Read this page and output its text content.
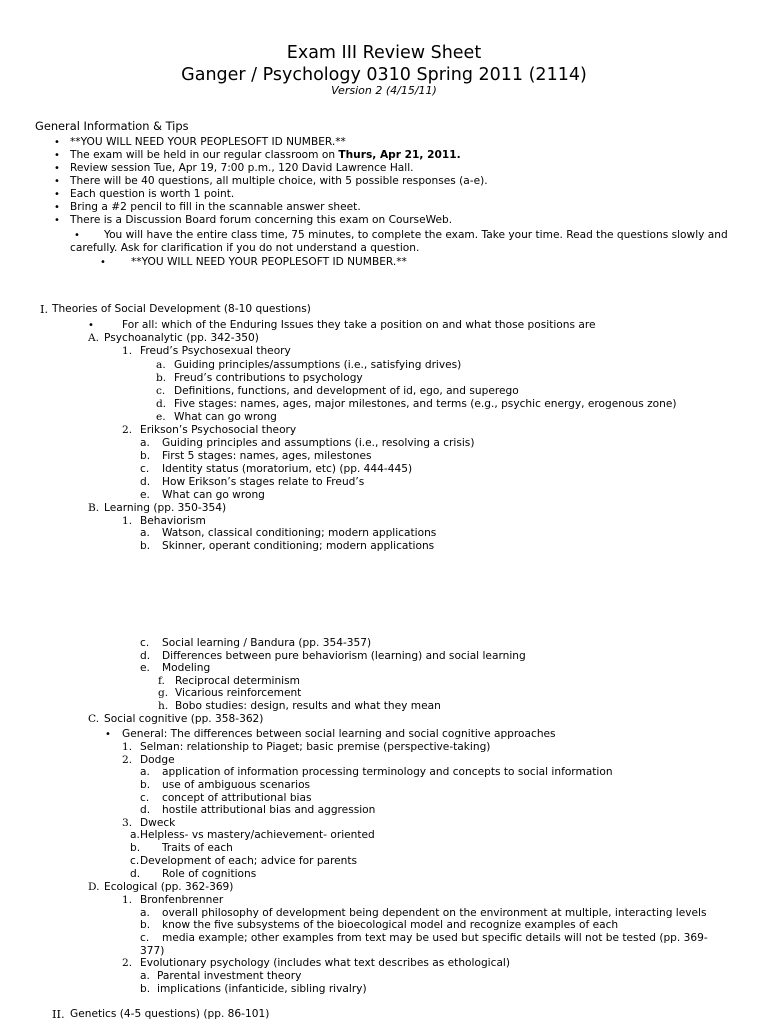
Exam III Review Sheet
Ganger / Psychology 0310 Spring 2011 (2114)
Version 2 (4/15/11)
General Information & Tips
• **YOU WILL NEED YOUR PEOPLESOFT ID NUMBER.**
• The exam will be held in our regular classroom on Thurs, Apr 21, 2011.
• Review session Tue, Apr 19, 7:00 p.m., 120 David Lawrence Hall.
• There will be 40 questions, all multiple choice, with 5 possible responses (a-e).
• Each question is worth 1 point.
• Bring a #2 pencil to fill in the scannable answer sheet.
• There is a Discussion Board forum concerning this exam on CourseWeb.
•	You will have the entire class time, 75 minutes, to complete the exam. Take your time. Read the questions slowly and carefully. Ask for clarification if you do not understand a question.
• **YOU WILL NEED YOUR PEOPLESOFT ID NUMBER.**
I. Theories of Social Development (8-10 questions)
•	For all: which of the Enduring Issues they take a position on and what those positions are
A. Psychoanalytic (pp. 342-350)
1. Freud’s Psychosexual theory
a. Guiding principles/assumptions (i.e., satisfying drives)
b. Freud’s contributions to psychology
c. Definitions, functions, and development of id, ego, and superego
d. Five stages: names, ages, major milestones, and terms (e.g., psychic energy, erogenous zone)
e. What can go wrong
2. Erikson’s Psychosocial theory
a. Guiding principles and assumptions (i.e., resolving a crisis)
b. First 5 stages: names, ages, milestones
c. Identity status (moratorium, etc) (pp. 444-445)
d. How Erikson’s stages relate to Freud’s
e. What can go wrong
B. Learning (pp. 350-354)
1. Behaviorism
a. Watson, classical conditioning; modern applications
b. Skinner, operant conditioning; modern applications
c. Social learning / Bandura (pp. 354-357)
d. Differences between pure behaviorism (learning) and social learning
e. Modeling
f. Reciprocal determinism
g. Vicarious reinforcement
h. Bobo studies: design, results and what they mean
C. Social cognitive (pp. 358-362)
• General: The differences between social learning and social cognitive approaches
1. Selman: relationship to Piaget; basic premise (perspective-taking)
2. Dodge
a. application of information processing terminology and concepts to social information
b. use of ambiguous scenarios
c. concept of attributional bias
d. hostile attributional bias and aggression
3. Dweck
a. Helpless- vs mastery/achievement- oriented
b. Traits of each
c. Development of each; advice for parents
d. Role of cognitions
D. Ecological (pp. 362-369)
1. Bronfenbrenner
a. overall philosophy of development being dependent on the environment at multiple, interacting levels
b. know the five subsystems of the bioecological model and recognize examples of each
c.	media example; other examples from text may be used but specific details will not be tested (pp. 369-377)
2. Evolutionary psychology (includes what text describes as ethological)
a. Parental investment theory
b. implications (infanticide, sibling rivalry)
II. Genetics (4-5 questions) (pp. 86-101)
